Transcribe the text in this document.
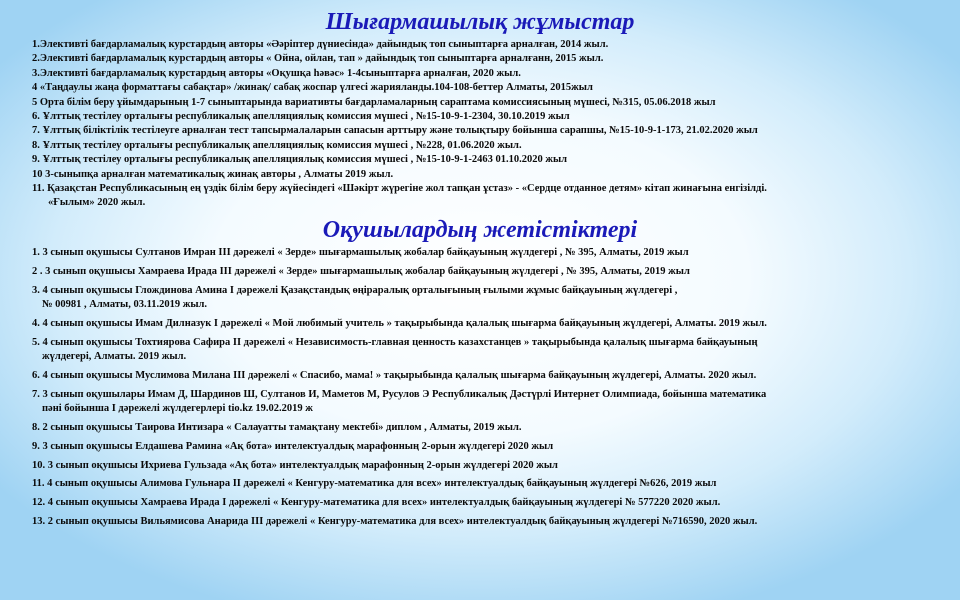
Шығармашылық жұмыстар
1.Элективті бағдарламалық курстардың авторы «Әәріптер дүниесінда» дайындық топ сыныптарға арналған, 2014 жыл.
2.Элективті бағдарламалық курстардың авторы « Ойна, ойлан, тап » дайындық топ сыныптарға арналғанн, 2015 жыл.
3.Элективті бағдарламалық курстардың авторы «Оқушқа һәвәс» 1-4сыныптарға арналған, 2020 жыл.
4 «Таңдаулы жаңа форматтағы сабақтар» /жинақ/ сабақ жоспар үлгесі жарияланды.104-108-беттер Алматы, 2015жыл
5 Орта білім беру ұйымдарының 1-7 сыныптарында вариативты бағдарламаларның сараптама комиссиясының мүшесі, №315, 05.06.2018 жыл
6. Ұлттық тестілеу орталығы республикалық апелляциялық комиссия мүшесі , №15-10-9-1-2304, 30.10.2019 жыл
7. Ұлттық біліктілік тестілеуге арналған тест тапсырмалаларын сапасын арттыру және толықтыру бойынша сарапшы, №15-10-9-1-173, 21.02.2020 жыл
8. Ұлттық тестілеу орталығы республикалық апелляциялық комиссия мүшесі , №228, 01.06.2020 жыл.
9. Ұлттық тестілеу орталығы республикалық апелляциялық комиссия мүшесі , №15-10-9-1-2463 01.10.2020 жыл
10 3-сыныпқа арналған математикалық жинақ авторы , Алматы 2019 жыл.
11. Қазақстан Республикасының ең үздік білім беру жүйесіндегі «Шәкірт жүрегіне жол тапқан ұстаз» - «Сердце отданное детям» кітап жинағына енгізілді.
«Ғылым» 2020 жыл.
Оқушылардың жетістіктері
1. 3 сынып оқушысы Султанов Имран ІІІ дәрежелі « Зерде» шығармашылық жобалар байқауының жүлдегері , № 395, Алматы, 2019 жыл
2 . 3 сынып оқушысы Хамраева Ирада ІІІ дәрежелі « Зерде» шығармашылық жобалар байқауының жүлдегері , № 395, Алматы, 2019 жыл
3. 4 сынып оқушысы Глождинова Амина І дәрежелі Қазақстандық өңіраралық орталығының ғылыми жұмыс байқауының жүлдегері ,
№ 00981 , Алматы, 03.11.2019 жыл.
4. 4 сынып оқушысы Имам Дилназук І дәрежелі « Мой любимый учитель » тақырыбында қалалық шығарма байқауының жүлдегері, Алматы. 2019 жыл.
5. 4 сынып оқушысы Тохтиярова Сафира ІІ дәрежелі « Независимость-главная ценность казахстанцев » тақырыбында қалалық шығарма байқауының
жүлдегері, Алматы. 2019 жыл.
6. 4 сынып оқушысы Муслимова Милана ІІІ дәрежелі « Спасибо, мама! » тақырыбында қалалық шығарма байқауының жүлдегері, Алматы. 2020 жыл.
7. 3 сынып оқушылары Имам Д, Шардинов Ш, Султанов И, Маметов М, Русулов Э Республикалық Дәстүрлі Интернет Олимпиада, бойынша математика
пәні бойынша І дәрежелі жүлдегерлері tio.kz 19.02.2019 ж
8. 2 сынып оқушысы Таирова Интизара « Салауатты тамақтану мектебі» диплом , Алматы, 2019 жыл.
9. 3 сынып оқушысы Елдашева Рамина «Ақ бота» интелектуалдық марафонның 2-орын жүлдегері 2020 жыл
10. 3 сынып оқушысы Ихриева Гульзада «Ақ бота» интелектуалдық марафонның 2-орын жүлдегері 2020 жыл
11. 4 сынып оқушысы Алимова Гульнара ІІ дәрежелі « Кенгуру-математика для всех» интелектуалдық байқауының жүлдегері №626, 2019 жыл
12. 4 сынып оқушысы Хамраева Ирада І дәрежелі « Кенгуру-математика для всех» интелектуалдық байқауының жүлдегері № 577220 2020 жыл.
13. 2 сынып оқушысы Вильямисова Анарида ІІІ дәрежелі « Кенгуру-математика для всех» интелектуалдық байқауының жүлдегері №716590, 2020 жыл.
